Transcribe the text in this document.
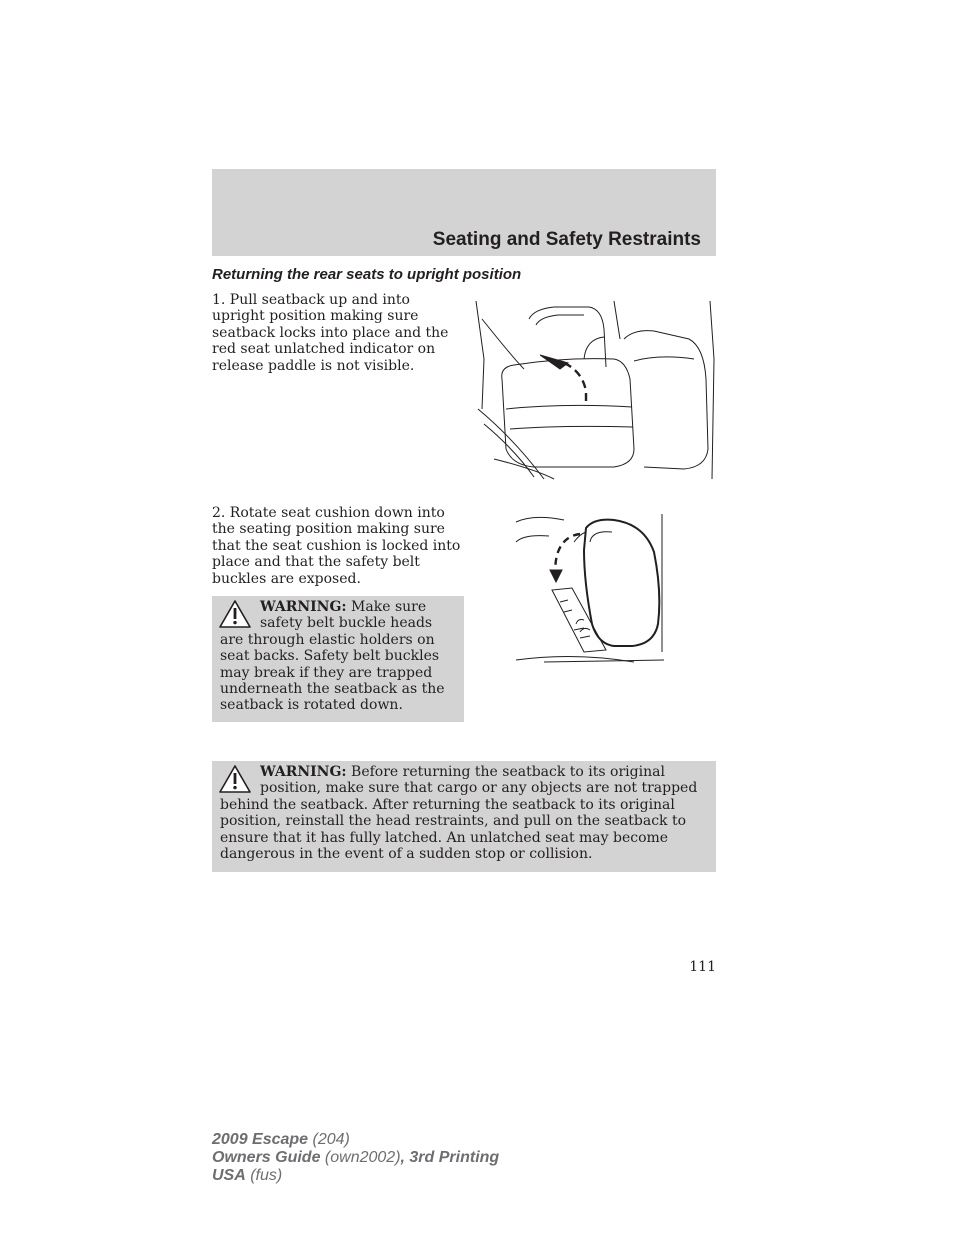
Seating and Safety Restraints
Returning the rear seats to upright position

1. Pull seatback up and into upright position making sure seatback locks into place and the red seat unlatched indicator on release paddle is not visible.

2. Rotate seat cushion down into the seating position making sure that the seat cushion is locked into place and that the safety belt buckles are exposed.

WARNING: Make sure safety belt buckle heads are through elastic holders on seat backs. Safety belt buckles may break if they are trapped underneath the seatback as the seatback is rotated down.
WARNING: Before returning the seatback to its original position, make sure that cargo or any objects are not trapped behind the seatback. After returning the seatback to its original position, reinstall the head restraints, and pull on the seatback to ensure that it has fully latched. An unlatched seat may become dangerous in the event of a sudden stop or collision.

111

2009 Escape (204)
Owners Guide (own2002), 3rd Printing
USA (fus)
